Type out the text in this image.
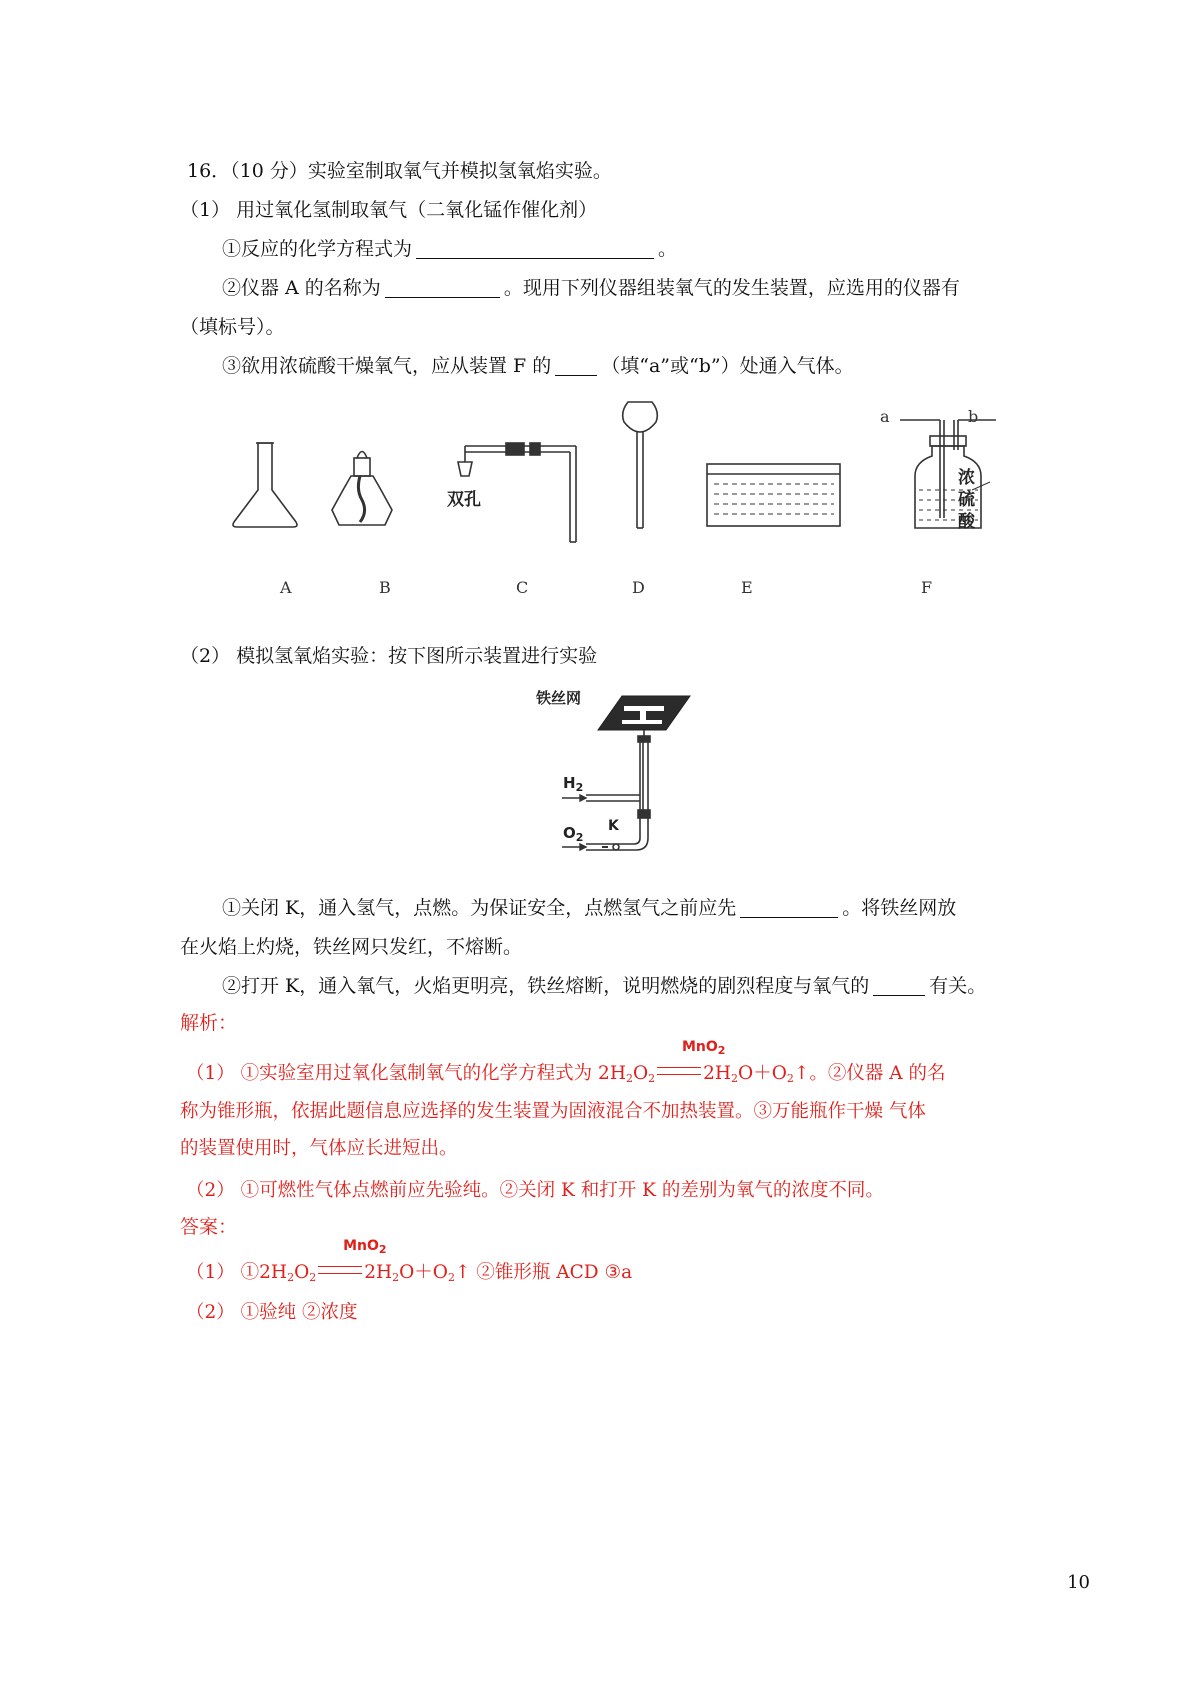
16．（10 分）实验室制取氧气并模拟氢氧焰实验。
（1） 用过氧化氢制取氧气（二氧化锰作催化剂）
①反应的化学方程式为	。
②仪器 A 的名称为	。现用下列仪器组装氧气的发生装置，应选用的仪器有
（填标号）。
③欲用浓硫酸干燥氧气，应从装置 F 的	（填“a”或“b”）处通入气体。
双孔
a	b
浓
硫
酸
A	B	C	D	E	F
（2） 模拟氢氧焰实验：按下图所示装置进行实验
铁丝网
$H_2$
$O_2$
K
①关闭 K，通入氢气，点燃。为保证安全，点燃氢气之前应先	。将铁丝网放
在火焰上灼烧，铁丝网只发红，不熔断。
②打开 K，通入氧气，火焰更明亮，铁丝熔断，说明燃烧的剧烈程度与氧气的	有关。
解析：
（1） ①实验室用过氧化氢制氧气的化学方程式为
MnO$_2$
$2H_2O_2$	$2H_2O+O_2↑$。②仪器 A 的名
称为锥形瓶，依据此题信息应选择的发生装置为固液混合不加热装置。③万能瓶作干燥 气体
的装置使用时，气体应长进短出。
（2） ①可燃性气体点燃前应先验纯。②关闭 K 和打开 K 的差别为氧气的浓度不同。
答案：
（1） ①
MnO$_2$
$2H_2O_2$	$2H_2O+O_2↑$ ②锥形瓶 ACD ③a
（2） ①验纯 ②浓度
10
